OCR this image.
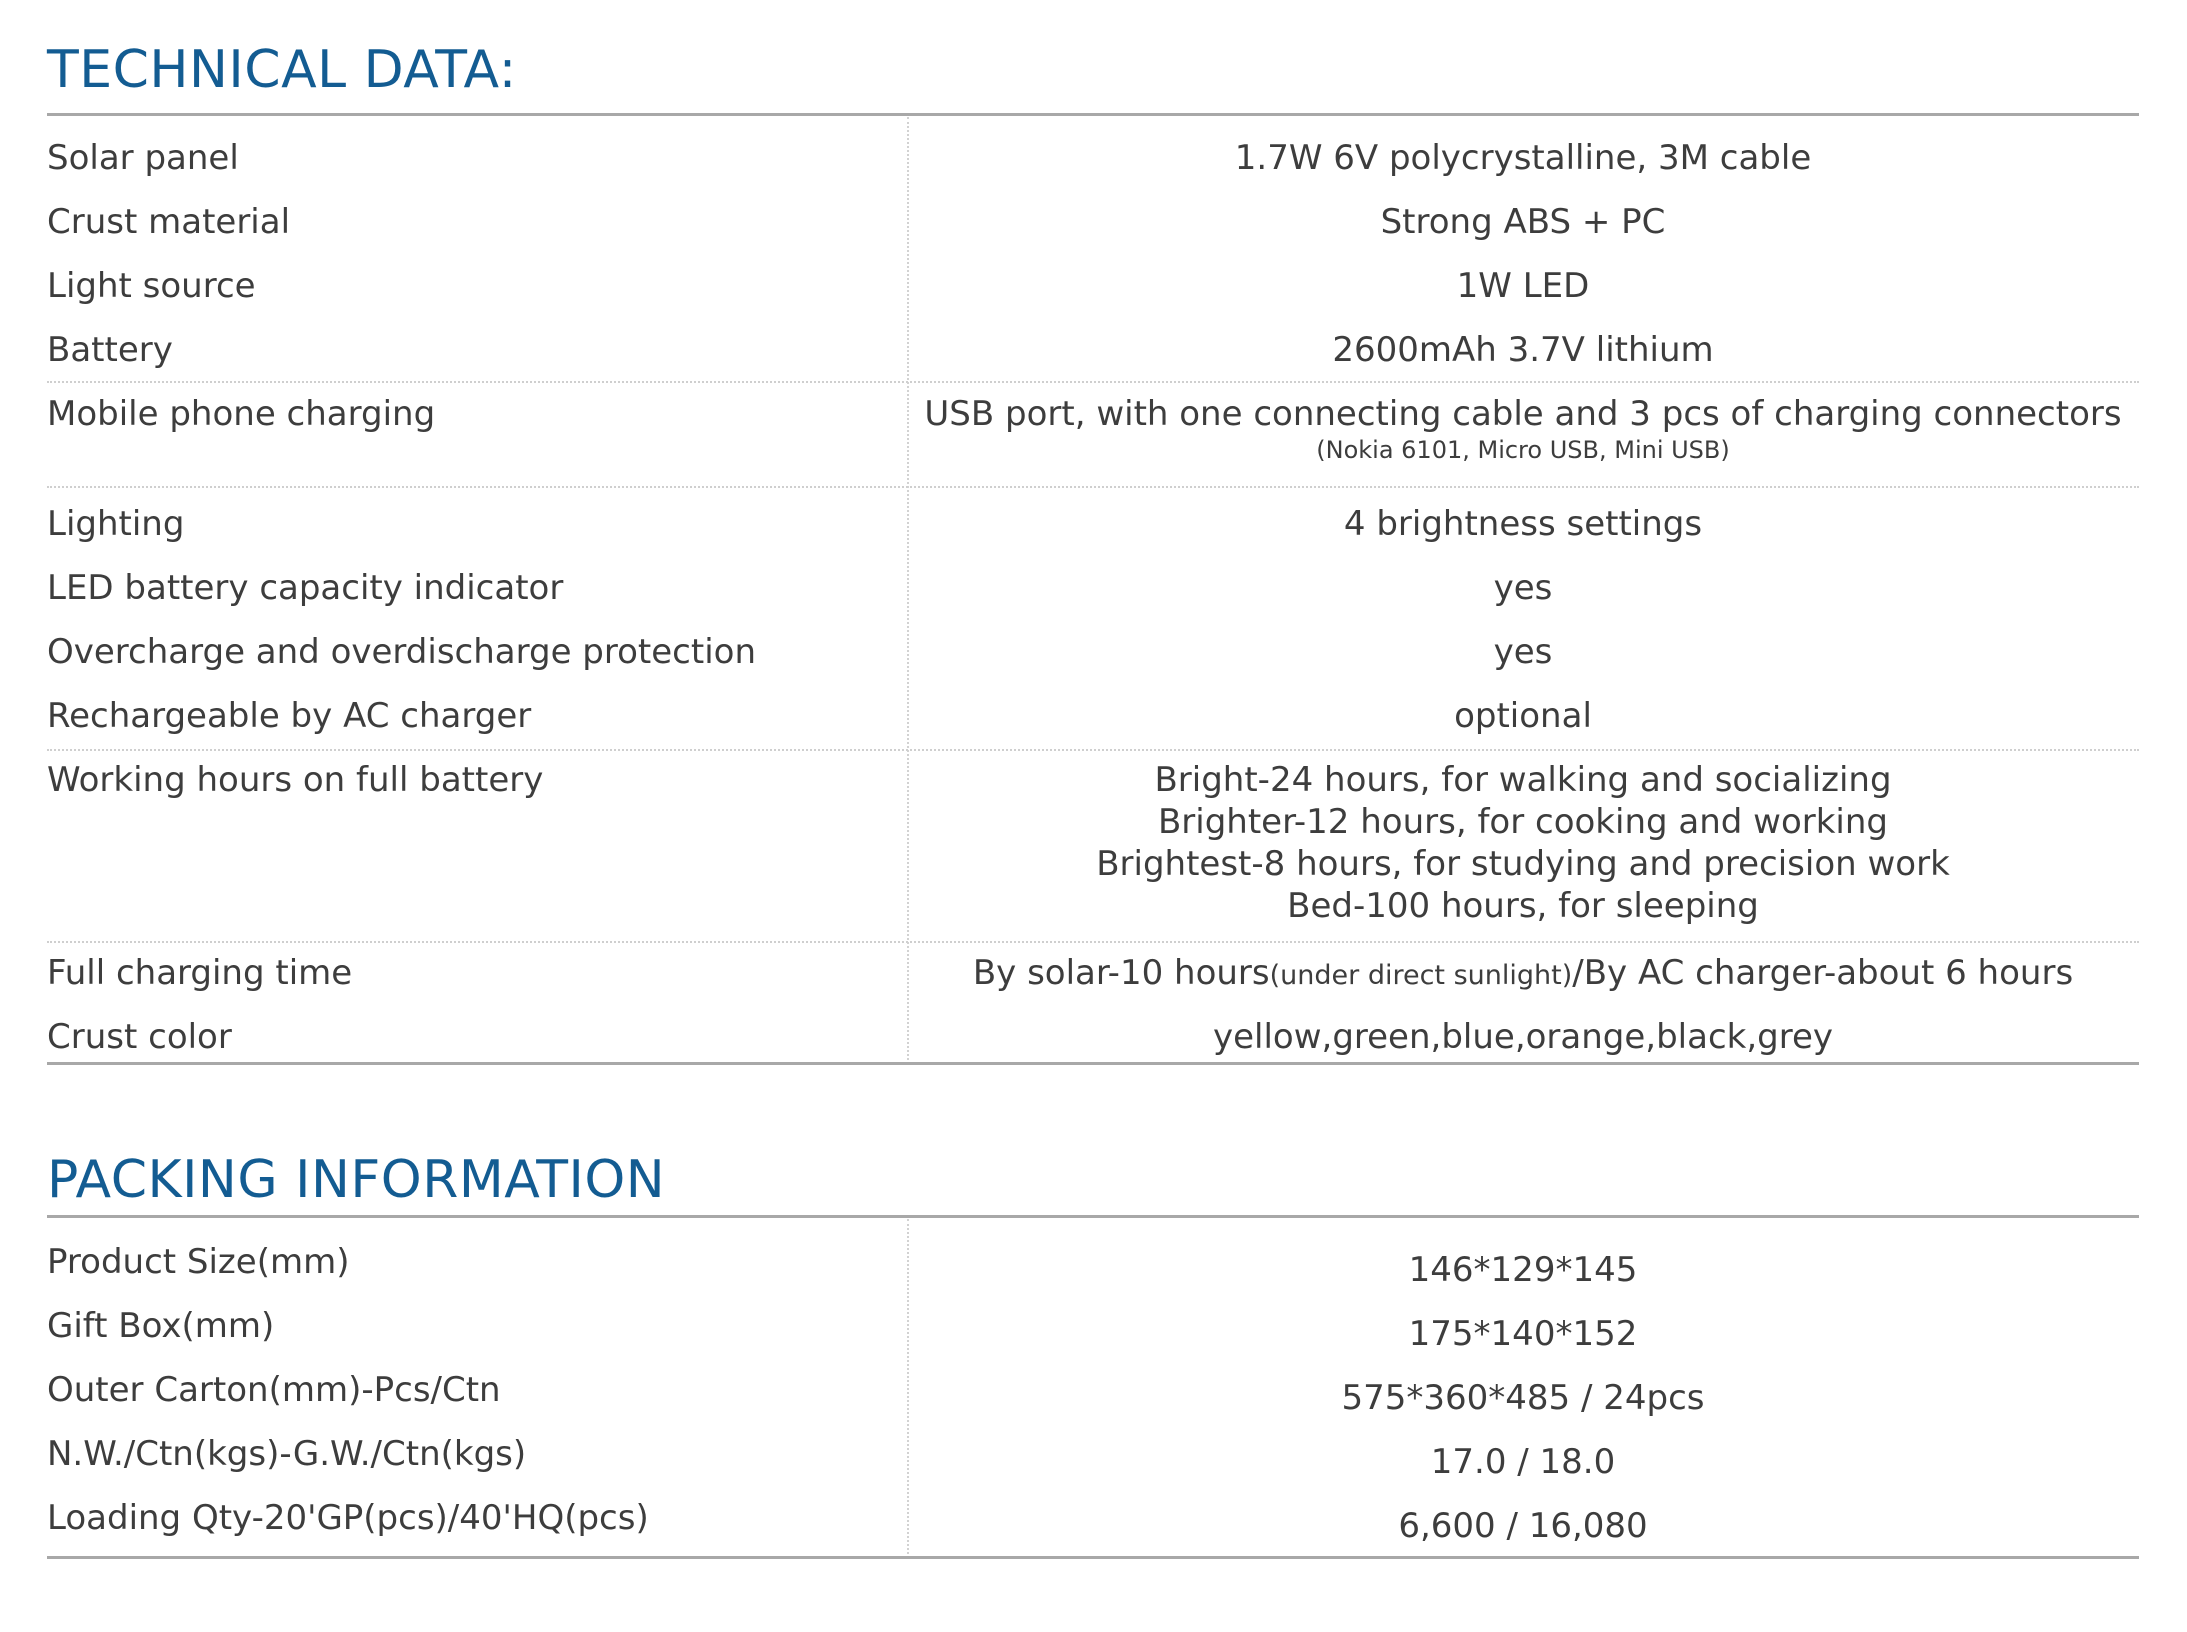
TECHNICAL DATA:
Solar panel	1.7W 6V polycrystalline, 3M cable
Crust material	Strong ABS + PC
Light source	1W LED
Battery	2600mAh 3.7V lithium
Mobile phone charging	USB port, with one connecting cable and 3 pcs of charging connectors
(Nokia 6101, Micro USB, Mini USB)
Lighting	4 brightness settings
LED battery capacity indicator	yes
Overcharge and overdischarge protection	yes
Rechargeable by AC charger	optional
Working hours on full battery	Bright-24 hours, for walking and socializing
Brighter-12 hours, for cooking and working
Brightest-8 hours, for studying and precision work
Bed-100 hours, for sleeping
Full charging time	By solar-10 hours(under direct sunlight)/By AC charger-about 6 hours
Crust color	yellow,green,blue,orange,black,grey
PACKING INFORMATION
Product Size(mm)	146*129*145
Gift Box(mm)	175*140*152
Outer Carton(mm)-Pcs/Ctn	575*360*485 / 24pcs
N.W./Ctn(kgs)-G.W./Ctn(kgs)	17.0 / 18.0
Loading Qty-20'GP(pcs)/40'HQ(pcs)	6,600 / 16,080
